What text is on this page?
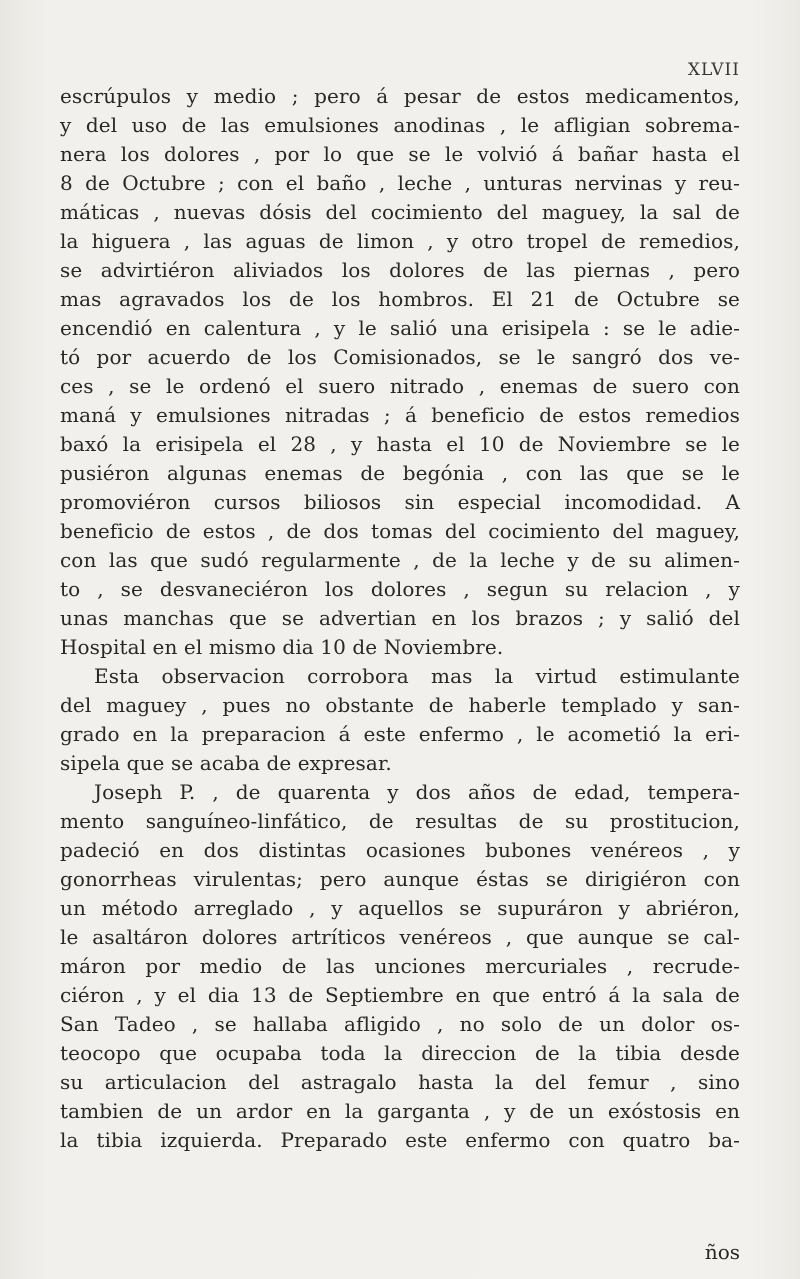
XLVII
escrúpulos y medio ; pero á pesar de estos medicamentos,
y del uso de las emulsiones anodinas , le afligian sobrema-
nera los dolores , por lo que se le volvió á bañar hasta el
8 de Octubre ; con el baño , leche , unturas nervinas y reu-
máticas , nuevas dósis del cocimiento del maguey, la sal de
la higuera , las aguas de limon , y otro tropel de remedios,
se advirtiéron aliviados los dolores de las piernas , pero
mas agravados los de los hombros. El 21 de Octubre se
encendió en calentura , y le salió una erisipela : se le adie-
tó por acuerdo de los Comisionados, se le sangró dos ve-
ces , se le ordenó el suero nitrado , enemas de suero con
maná y emulsiones nitradas ; á beneficio de estos remedios
baxó la erisipela el 28 , y hasta el 10 de Noviembre se le
pusiéron algunas enemas de begónia , con las que se le
promoviéron cursos biliosos sin especial incomodidad. A
beneficio de estos , de dos tomas del cocimiento del maguey,
con las que sudó regularmente , de la leche y de su alimen-
to , se desvaneciéron los dolores , segun su relacion , y
unas manchas que se advertian en los brazos ; y salió del
Hospital en el mismo dia 10 de Noviembre.
Esta observacion corrobora mas la virtud estimulante
del maguey , pues no obstante de haberle templado y san-
grado en la preparacion á este enfermo , le acometió la eri-
sipela que se acaba de expresar.
Joseph P. , de quarenta y dos años de edad, tempera-
mento sanguíneo-linfático, de resultas de su prostitucion,
padeció en dos distintas ocasiones bubones venéreos , y
gonorrheas virulentas; pero aunque éstas se dirigiéron con
un método arreglado , y aquellos se supuráron y abriéron,
le asaltáron dolores artríticos venéreos , que aunque se cal-
máron por medio de las unciones mercuriales , recrude-
ciéron , y el dia 13 de Septiembre en que entró á la sala de
San Tadeo , se hallaba afligido , no solo de un dolor os-
teocopo que ocupaba toda la direccion de la tibia desde
su articulacion del astragalo hasta la del femur , sino
tambien de un ardor en la garganta , y de un exóstosis en
la tibia izquierda. Preparado este enfermo con quatro ba-
ños
